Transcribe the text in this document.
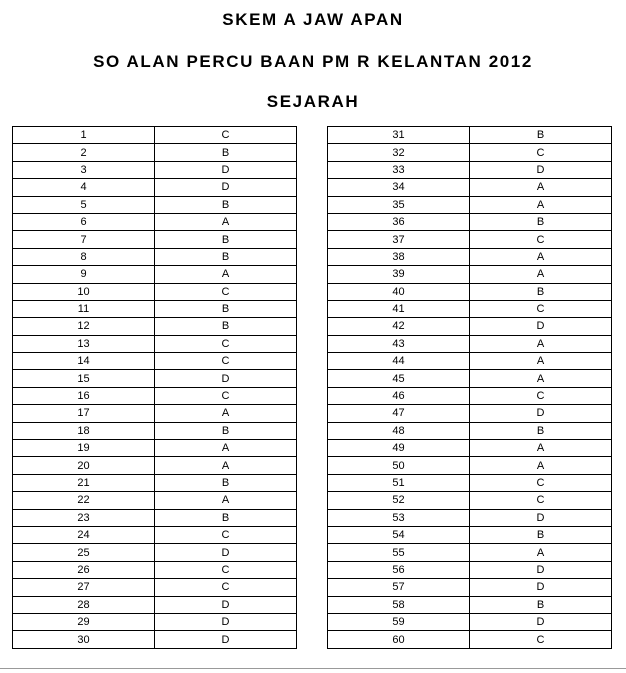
SKEM A JAW APAN
SO ALAN PERCU BAAN PM R KELANTAN 2012
SEJARAH
1	C
2	B
3	D
4	D
5	B
6	A
7	B
8	B
9	A
10	C
11	B
12	B
13	C
14	C
15	D
16	C
17	A
18	B
19	A
20	A
21	B
22	A
23	B
24	C
25	D
26	C
27	C
28	D
29	D
30	D
31	B
32	C
33	D
34	A
35	A
36	B
37	C
38	A
39	A
40	B
41	C
42	D
43	A
44	A
45	A
46	C
47	D
48	B
49	A
50	A
51	C
52	C
53	D
54	B
55	A
56	D
57	D
58	B
59	D
60	C
